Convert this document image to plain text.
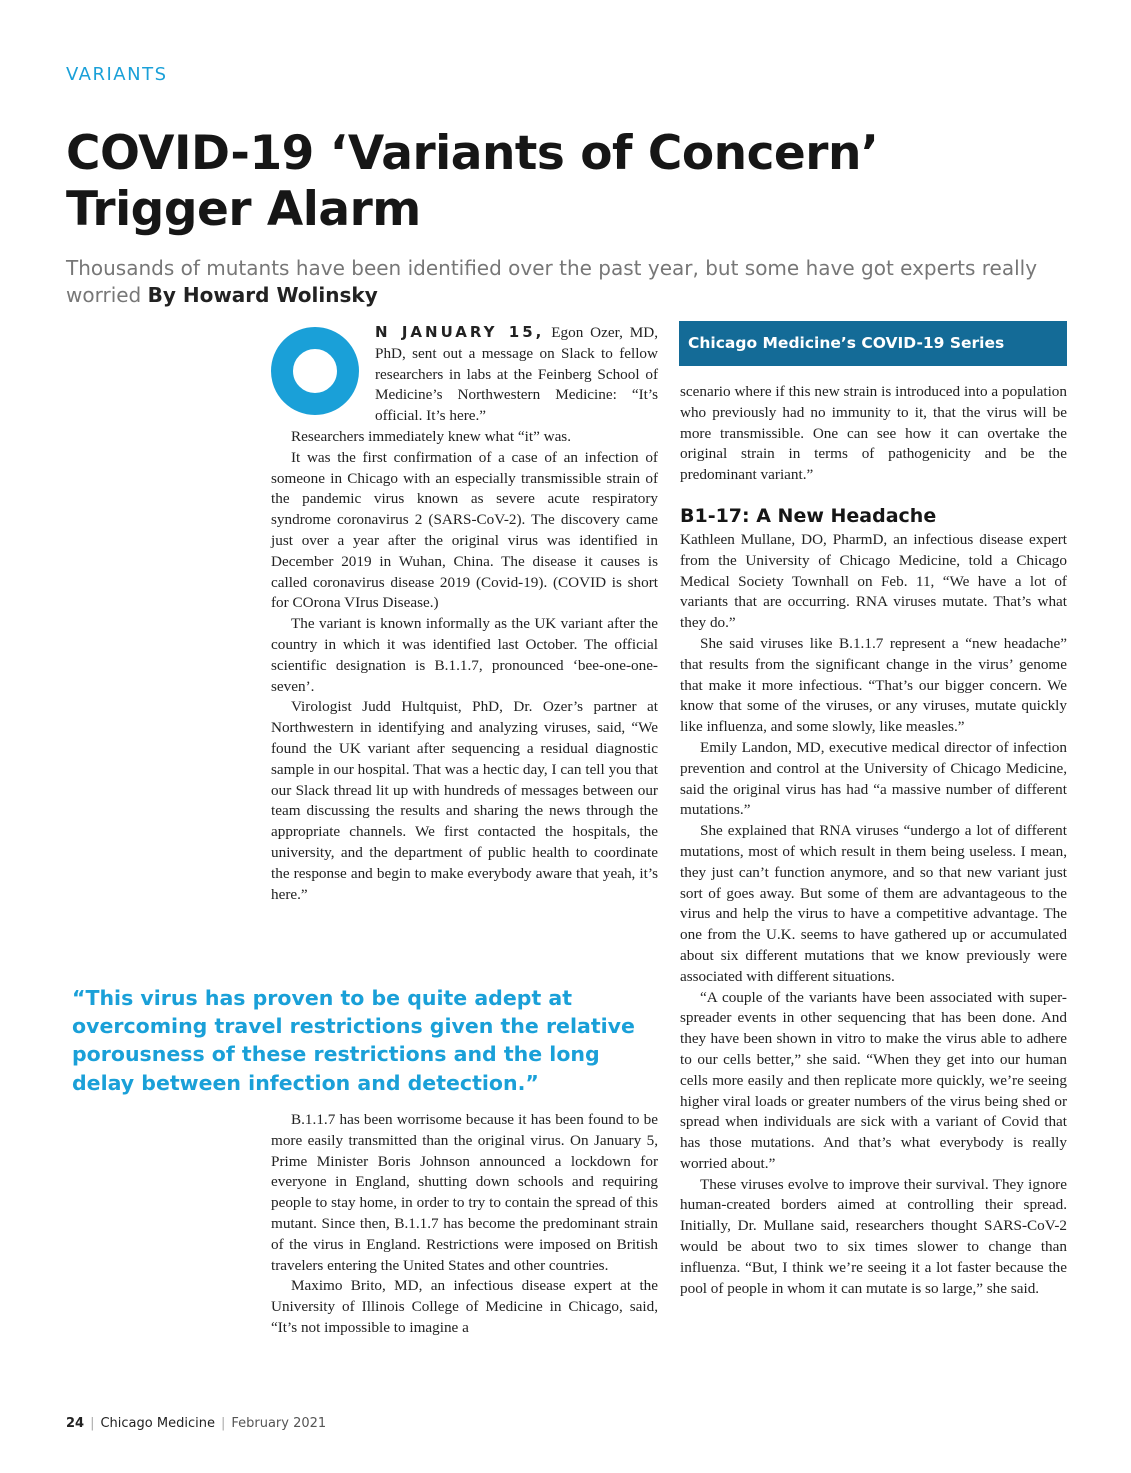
VARIANTS
COVID-19 ‘Variants of Concern’ Trigger Alarm
Thousands of mutants have been identified over the past year, but some have got experts really worried By Howard Wolinsky

N JANUARY 15, Egon Ozer, MD, PhD, sent out a message on Slack to fellow researchers in labs at the Feinberg School of Medicine’s Northwestern Medicine: “It’s official. It’s here.”

Researchers immediately knew what “it” was.

It was the first confirmation of a case of an infection of someone in Chicago with an especially transmissible strain of the pandemic virus known as severe acute respiratory syndrome coronavirus 2 (SARS-CoV-2). The discovery came just over a year after the original virus was identified in December 2019 in Wuhan, China. The disease it causes is called coronavirus disease 2019 (Covid-19). (COVID is short for COrona VIrus Disease.)

The variant is known informally as the UK variant after the country in which it was identified last October. The official scientific designation is B.1.1.7, pronounced ‘bee-one-one-seven’.

Virologist Judd Hultquist, PhD, Dr. Ozer’s partner at Northwestern in identifying and analyzing viruses, said, “We found the UK variant after sequencing a residual diagnostic sample in our hospital. That was a hectic day, I can tell you that our Slack thread lit up with hundreds of messages between our team discussing the results and sharing the news through the appropriate channels. We first contacted the hospitals, the university, and the department of public health to coordinate the response and begin to make everybody aware that yeah, it’s here.”

“This virus has proven to be quite adept at overcoming travel restrictions given the relative porousness of these restrictions and the long delay between infection and detection.”

B.1.1.7 has been worrisome because it has been found to be more easily transmitted than the original virus. On January 5, Prime Minister Boris Johnson announced a lockdown for everyone in England, shutting down schools and requiring people to stay home, in order to try to contain the spread of this mutant. Since then, B.1.1.7 has become the predominant strain of the virus in England. Restrictions were imposed on British travelers entering the United States and other countries.

Maximo Brito, MD, an infectious disease expert at the University of Illinois College of Medicine in Chicago, said, “It’s not impossible to imagine a

Chicago Medicine’s COVID-19 Series

scenario where if this new strain is introduced into a population who previously had no immunity to it, that the virus will be more transmissible. One can see how it can overtake the original strain in terms of pathogenicity and be the predominant variant.”

B1-17: A New Headache

Kathleen Mullane, DO, PharmD, an infectious disease expert from the University of Chicago Medicine, told a Chicago Medical Society Townhall on Feb. 11, “We have a lot of variants that are occurring. RNA viruses mutate. That’s what they do.”

She said viruses like B.1.1.7 represent a “new headache” that results from the significant change in the virus’ genome that make it more infectious. “That’s our bigger concern. We know that some of the viruses, or any viruses, mutate quickly like influenza, and some slowly, like measles.”

Emily Landon, MD, executive medical director of infection prevention and control at the University of Chicago Medicine, said the original virus has had “a massive number of different mutations.”

She explained that RNA viruses “undergo a lot of different mutations, most of which result in them being useless. I mean, they just can’t function anymore, and so that new variant just sort of goes away. But some of them are advantageous to the virus and help the virus to have a competitive advantage. The one from the U.K. seems to have gathered up or accumulated about six different mutations that we know previously were associated with different situations.

“A couple of the variants have been associated with super-spreader events in other sequencing that has been done. And they have been shown in vitro to make the virus able to adhere to our cells better,” she said. “When they get into our human cells more easily and then replicate more quickly, we’re seeing higher viral loads or greater numbers of the virus being shed or spread when individuals are sick with a variant of Covid that has those mutations. And that’s what everybody is really worried about.”

These viruses evolve to improve their survival. They ignore human-created borders aimed at controlling their spread. Initially, Dr. Mullane said, researchers thought SARS-CoV-2 would be about two to six times slower to change than influenza. “But, I think we’re seeing it a lot faster because the pool of people in whom it can mutate is so large,” she said.

24 | Chicago Medicine | February 2021
